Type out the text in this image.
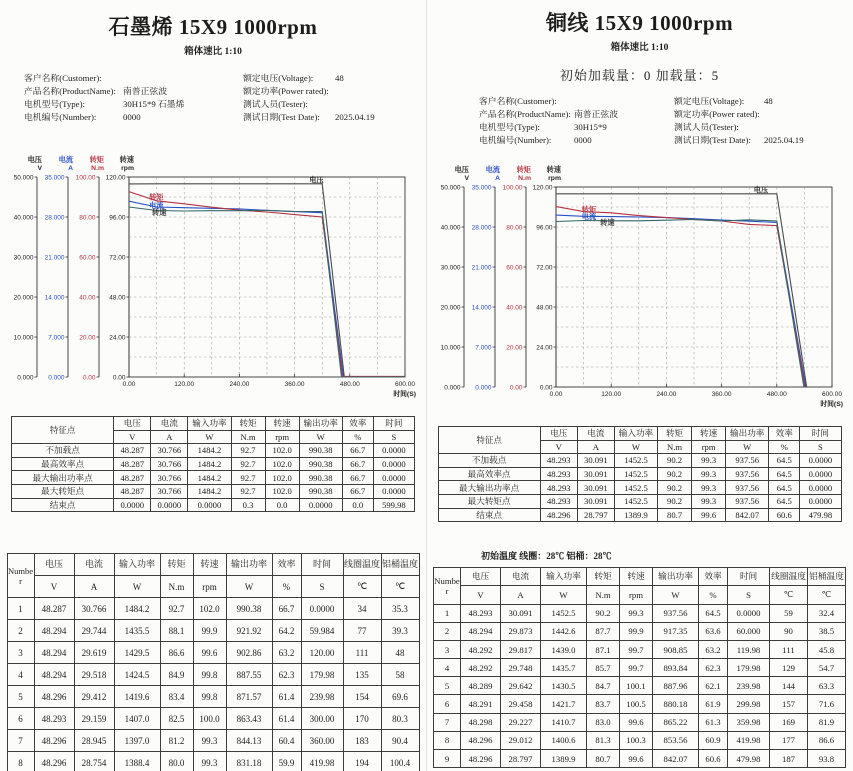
石墨烯 15X9 1000rpm
箱体速比 1:10
客户名称(Customer):	额定电压(Voltage):	48
产品名称(ProductName): 南普正弦波	额定功率(Power rated):
电机型号(Type):	30H15*9 石墨烯	测试人员(Tester):
电机编号(Number):	0000	测试日期(Test Date):	2025.04.19
电压
V
50.000
40.000
30.000
20.000
10.000
0.000
电流
A
35.000
28.000
21.000
14.000
7.000
0.000
转矩
N.m
100.00
80.00
60.00
40.00
20.00
0.00
转速
rpm
120.00
96.00
72.00
48.00
24.00
0.00
0.00	120.00	240.00	360.00	480.00	600.00
时间(S)
电压
转矩
电流
转速
特征点	电压	电流	输入功率	转矩	转速	输出功率	效率	时间
	V	A	W	N.m	rpm	W	%	S
不加载点	48.287	30.766	1484.2	92.7	102.0	990.38	66.7	0.0000
最高效率点	48.287	30.766	1484.2	92.7	102.0	990.38	66.7	0.0000
最大输出功率点	48.287	30.766	1484.2	92.7	102.0	990.38	66.7	0.0000
最大转矩点	48.287	30.766	1484.2	92.7	102.0	990.38	66.7	0.0000
结束点	0.0000	0.0000	0.0000	0.3	0.0	0.0000	0.0	599.98
Number	电压	电流	输入功率	转矩	转速	输出功率	效率	时间	线圈温度	铝桶温度
	V	A	W	N.m	rpm	W	%	S	℃	℃
1	48.287	30.766	1484.2	92.7	102.0	990.38	66.7	0.0000	34	35.3
2	48.294	29.744	1435.5	88.1	99.9	921.92	64.2	59.984	77	39.3
3	48.294	29.619	1429.5	86.6	99.6	902.86	63.2	120.00	111	48
4	48.294	29.518	1424.5	84.9	99.8	887.55	62.3	179.98	135	58
5	48.296	29.412	1419.6	83.4	99.8	871.57	61.4	239.98	154	69.6
6	48.293	29.159	1407.0	82.5	100.0	863.43	61.4	300.00	170	80.3
7	48.296	28.945	1397.0	81.2	99.3	844.13	60.4	360.00	183	90.4
8	48.296	28.754	1388.4	80.0	99.3	831.18	59.9	419.98	194	100.4
铜线 15X9 1000rpm
箱体速比 1:10
初始加载量：0 加载量：5
客户名称(Customer):	额定电压(Voltage):	48
产品名称(ProductName): 南普正弦波	额定功率(Power rated):
电机型号(Type):	30H15*9	测试人员(Tester):
电机编号(Number):	0000	测试日期(Test Date):	2025.04.19
电压
V
50.000
40.000
30.000
20.000
10.000
0.000
电流
A
35.000
28.000
21.000
14.000
7.000
0.000
转矩
N.m
100.00
80.00
60.00
40.00
20.00
0.00
转速
rpm
120.00
96.00
72.00
48.00
24.00
0.00
0.00	120.00	240.00	360.00	480.00	600.00
时间(S)
电压
转矩
电流
转速
特征点	电压	电流	输入功率	转矩	转速	输出功率	效率	时间
	V	A	W	N.m	rpm	W	%	S
不加载点	48.293	30.091	1452.5	90.2	99.3	937.56	64.5	0.0000
最高效率点	48.293	30.091	1452.5	90.2	99.3	937.56	64.5	0.0000
最大输出功率点	48.293	30.091	1452.5	90.2	99.3	937.56	64.5	0.0000
最大转矩点	48.293	30.091	1452.5	90.2	99.3	937.56	64.5	0.0000
结束点	48.296	28.797	1389.9	80.7	99.6	842.07	60.6	479.98
初始温度 线圈：28℃ 铝桶：28℃
Number	电压	电流	输入功率	转矩	转速	输出功率	效率	时间	线圈温度	铝桶温度
	V	A	W	N.m	rpm	W	%	S	℃	℃
1	48.293	30.091	1452.5	90.2	99.3	937.56	64.5	0.0000	59	32.4
2	48.294	29.873	1442.6	87.7	99.9	917.35	63.6	60.000	90	38.5
3	48.292	29.817	1439.0	87.1	99.7	908.85	63.2	119.98	111	45.8
4	48.292	29.748	1435.7	85.7	99.7	893.84	62.3	179.98	129	54.7
5	48.289	29.642	1430.5	84.7	100.1	887.96	62.1	239.98	144	63.3
6	48.291	29.458	1421.7	83.7	100.5	880.18	61.9	299.98	157	71.6
7	48.298	29.227	1410.7	83.0	99.6	865.22	61.3	359.98	169	81.9
8	48.296	29.012	1400.6	81.3	100.3	853.56	60.9	419.98	177	86.6
9	48.296	28.797	1389.9	80.7	99.6	842.07	60.6	479.98	187	93.8
